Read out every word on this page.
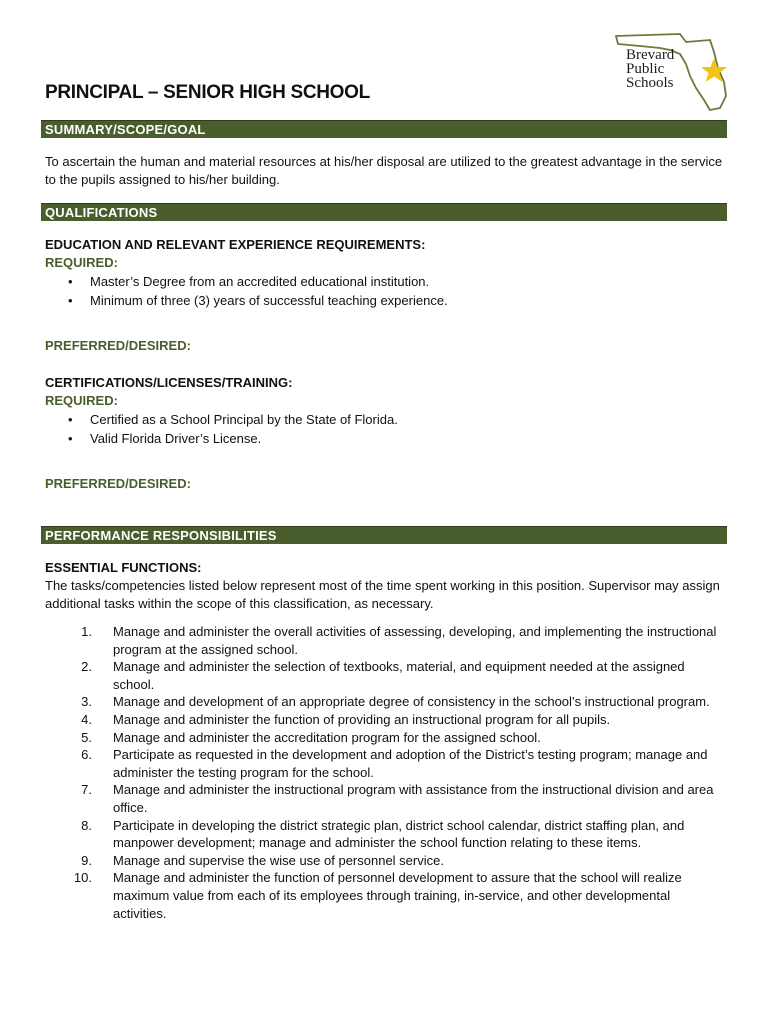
Brevard
Public
Schools
PRINCIPAL – SENIOR HIGH SCHOOL
SUMMARY/SCOPE/GOAL
To ascertain the human and material resources at his/her disposal are utilized to the greatest advantage in the service to the pupils assigned to his/her building.
QUALIFICATIONS
EDUCATION AND RELEVANT EXPERIENCE REQUIREMENTS:
REQUIRED:
• Master’s Degree from an accredited educational institution.
• Minimum of three (3) years of successful teaching experience.
PREFERRED/DESIRED:
CERTIFICATIONS/LICENSES/TRAINING:
REQUIRED:
• Certified as a School Principal by the State of Florida.
• Valid Florida Driver’s License.
PREFERRED/DESIRED:
PERFORMANCE RESPONSIBILITIES
ESSENTIAL FUNCTIONS:
The tasks/competencies listed below represent most of the time spent working in this position. Supervisor may assign additional tasks within the scope of this classification, as necessary.
1. Manage and administer the overall activities of assessing, developing, and implementing the instructional program at the assigned school.
2. Manage and administer the selection of textbooks, material, and equipment needed at the assigned school.
3. Manage and development of an appropriate degree of consistency in the school’s instructional program.
4. Manage and administer the function of providing an instructional program for all pupils.
5. Manage and administer the accreditation program for the assigned school.
6. Participate as requested in the development and adoption of the District’s testing program; manage and administer the testing program for the school.
7. Manage and administer the instructional program with assistance from the instructional division and area office.
8. Participate in developing the district strategic plan, district school calendar, district staffing plan, and manpower development; manage and administer the school function relating to these items.
9. Manage and supervise the wise use of personnel service.
10. Manage and administer the function of personnel development to assure that the school will realize maximum value from each of its employees through training, in-service, and other developmental activities.
